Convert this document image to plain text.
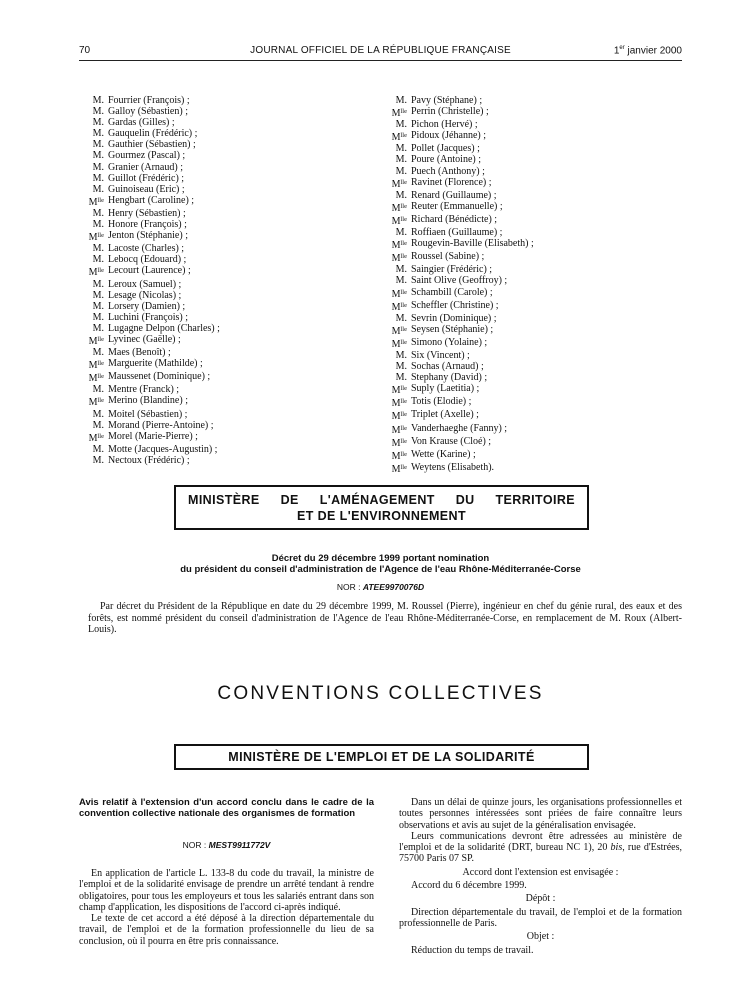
70	JOURNAL OFFICIEL DE LA RÉPUBLIQUE FRANÇAISE	1er janvier 2000
M. Fourrier (François) ;
M. Galloy (Sébastien) ;
M. Gardas (Gilles) ;
M. Gauquelin (Frédéric) ;
M. Gauthier (Sébastien) ;
M. Gourmez (Pascal) ;
M. Granier (Arnaud) ;
M. Guillot (Frédéric) ;
M. Guinoiseau (Eric) ;
$M^{lle}$ Hengbart (Caroline) ;
M. Henry (Sébastien) ;
M. Honore (François) ;
$M^{lle}$ Jenton (Stéphanie) ;
M. Lacoste (Charles) ;
M. Lebocq (Edouard) ;
$M^{lle}$ Lecourt (Laurence) ;
M. Leroux (Samuel) ;
M. Lesage (Nicolas) ;
M. Lorsery (Damien) ;
M. Luchini (François) ;
M. Lugagne Delpon (Charles) ;
$M^{lle}$ Lyvinec (Gaëlle) ;
M. Maes (Benoît) ;
$M^{lle}$ Marguerite (Mathilde) ;
$M^{lle}$ Maussenet (Dominique) ;
M. Mentre (Franck) ;
$M^{lle}$ Merino (Blandine) ;
M. Moitel (Sébastien) ;
M. Morand (Pierre-Antoine) ;
$M^{lle}$ Morel (Marie-Pierre) ;
M. Motte (Jacques-Augustin) ;
M. Nectoux (Frédéric) ;
M. Pavy (Stéphane) ;
$M^{lle}$ Perrin (Christelle) ;
M. Pichon (Hervé) ;
$M^{lle}$ Pidoux (Jéhanne) ;
M. Pollet (Jacques) ;
M. Poure (Antoine) ;
M. Puech (Anthony) ;
$M^{lle}$ Ravinet (Florence) ;
M. Renard (Guillaume) ;
$M^{lle}$ Reuter (Emmanuelle) ;
$M^{lle}$ Richard (Bénédicte) ;
M. Roffiaen (Guillaume) ;
$M^{lle}$ Rougevin-Baville (Elisabeth) ;
$M^{lle}$ Roussel (Sabine) ;
M. Saingier (Frédéric) ;
M. Saint Olive (Geoffroy) ;
$M^{lle}$ Schambill (Carole) ;
$M^{lle}$ Scheffler (Christine) ;
M. Sevrin (Dominique) ;
$M^{lle}$ Seysen (Stéphanie) ;
$M^{lle}$ Simono (Yolaine) ;
M. Six (Vincent) ;
M. Sochas (Arnaud) ;
M. Stephany (David) ;
$M^{lle}$ Suply (Laetitia) ;
$M^{lle}$ Totis (Elodie) ;
$M^{lle}$ Triplet (Axelle) ;
$M^{lle}$ Vanderhaeghe (Fanny) ;
$M^{lle}$ Von Krause (Cloé) ;
$M^{lle}$ Wette (Karine) ;
$M^{lle}$ Weytens (Elisabeth).
MINISTÈRE DE L'AMÉNAGEMENT DU TERRITOIRE
ET DE L'ENVIRONNEMENT
Décret du 29 décembre 1999 portant nomination
du président du conseil d'administration de l'Agence de l'eau Rhône-Méditerranée-Corse
NOR : ATEE9970076D

Par décret du Président de la République en date du 29 décembre 1999, M. Roussel (Pierre), ingénieur en chef du génie rural, des eaux et des forêts, est nommé président du conseil d'administration de l'Agence de l'eau Rhône-Méditerranée-Corse, en remplacement de M. Roux (Albert-Louis).

CONVENTIONS COLLECTIVES
MINISTÈRE DE L'EMPLOI ET DE LA SOLIDARITÉ
Avis relatif à l'extension d'un accord conclu dans le cadre de la convention collective nationale des organismes de formation
NOR : MESТ9911772V

En application de l'article L. 133-8 du code du travail, la ministre de l'emploi et de la solidarité envisage de prendre un arrêté tendant à rendre obligatoires, pour tous les employeurs et tous les salariés entrant dans son champ d'application, les dispositions de l'accord ci-après indiqué.

Le texte de cet accord a été déposé à la direction départementale du travail, de l'emploi et de la formation professionnelle du lieu de sa conclusion, où il pourra en être pris connaissance.

Dans un délai de quinze jours, les organisations professionnelles et toutes personnes intéressées sont priées de faire connaître leurs observations et avis au sujet de la généralisation envisagée.

Leurs communications devront être adressées au ministère de l'emploi et de la solidarité (DRT, bureau NC 1), 20 bis, rue d'Estrées, 75700 Paris 07 SP.

Accord dont l'extension est envisagée :

Accord du 6 décembre 1999.

Dépôt :

Direction départementale du travail, de l'emploi et de la formation professionnelle de Paris.

Objet :

Réduction du temps de travail.
